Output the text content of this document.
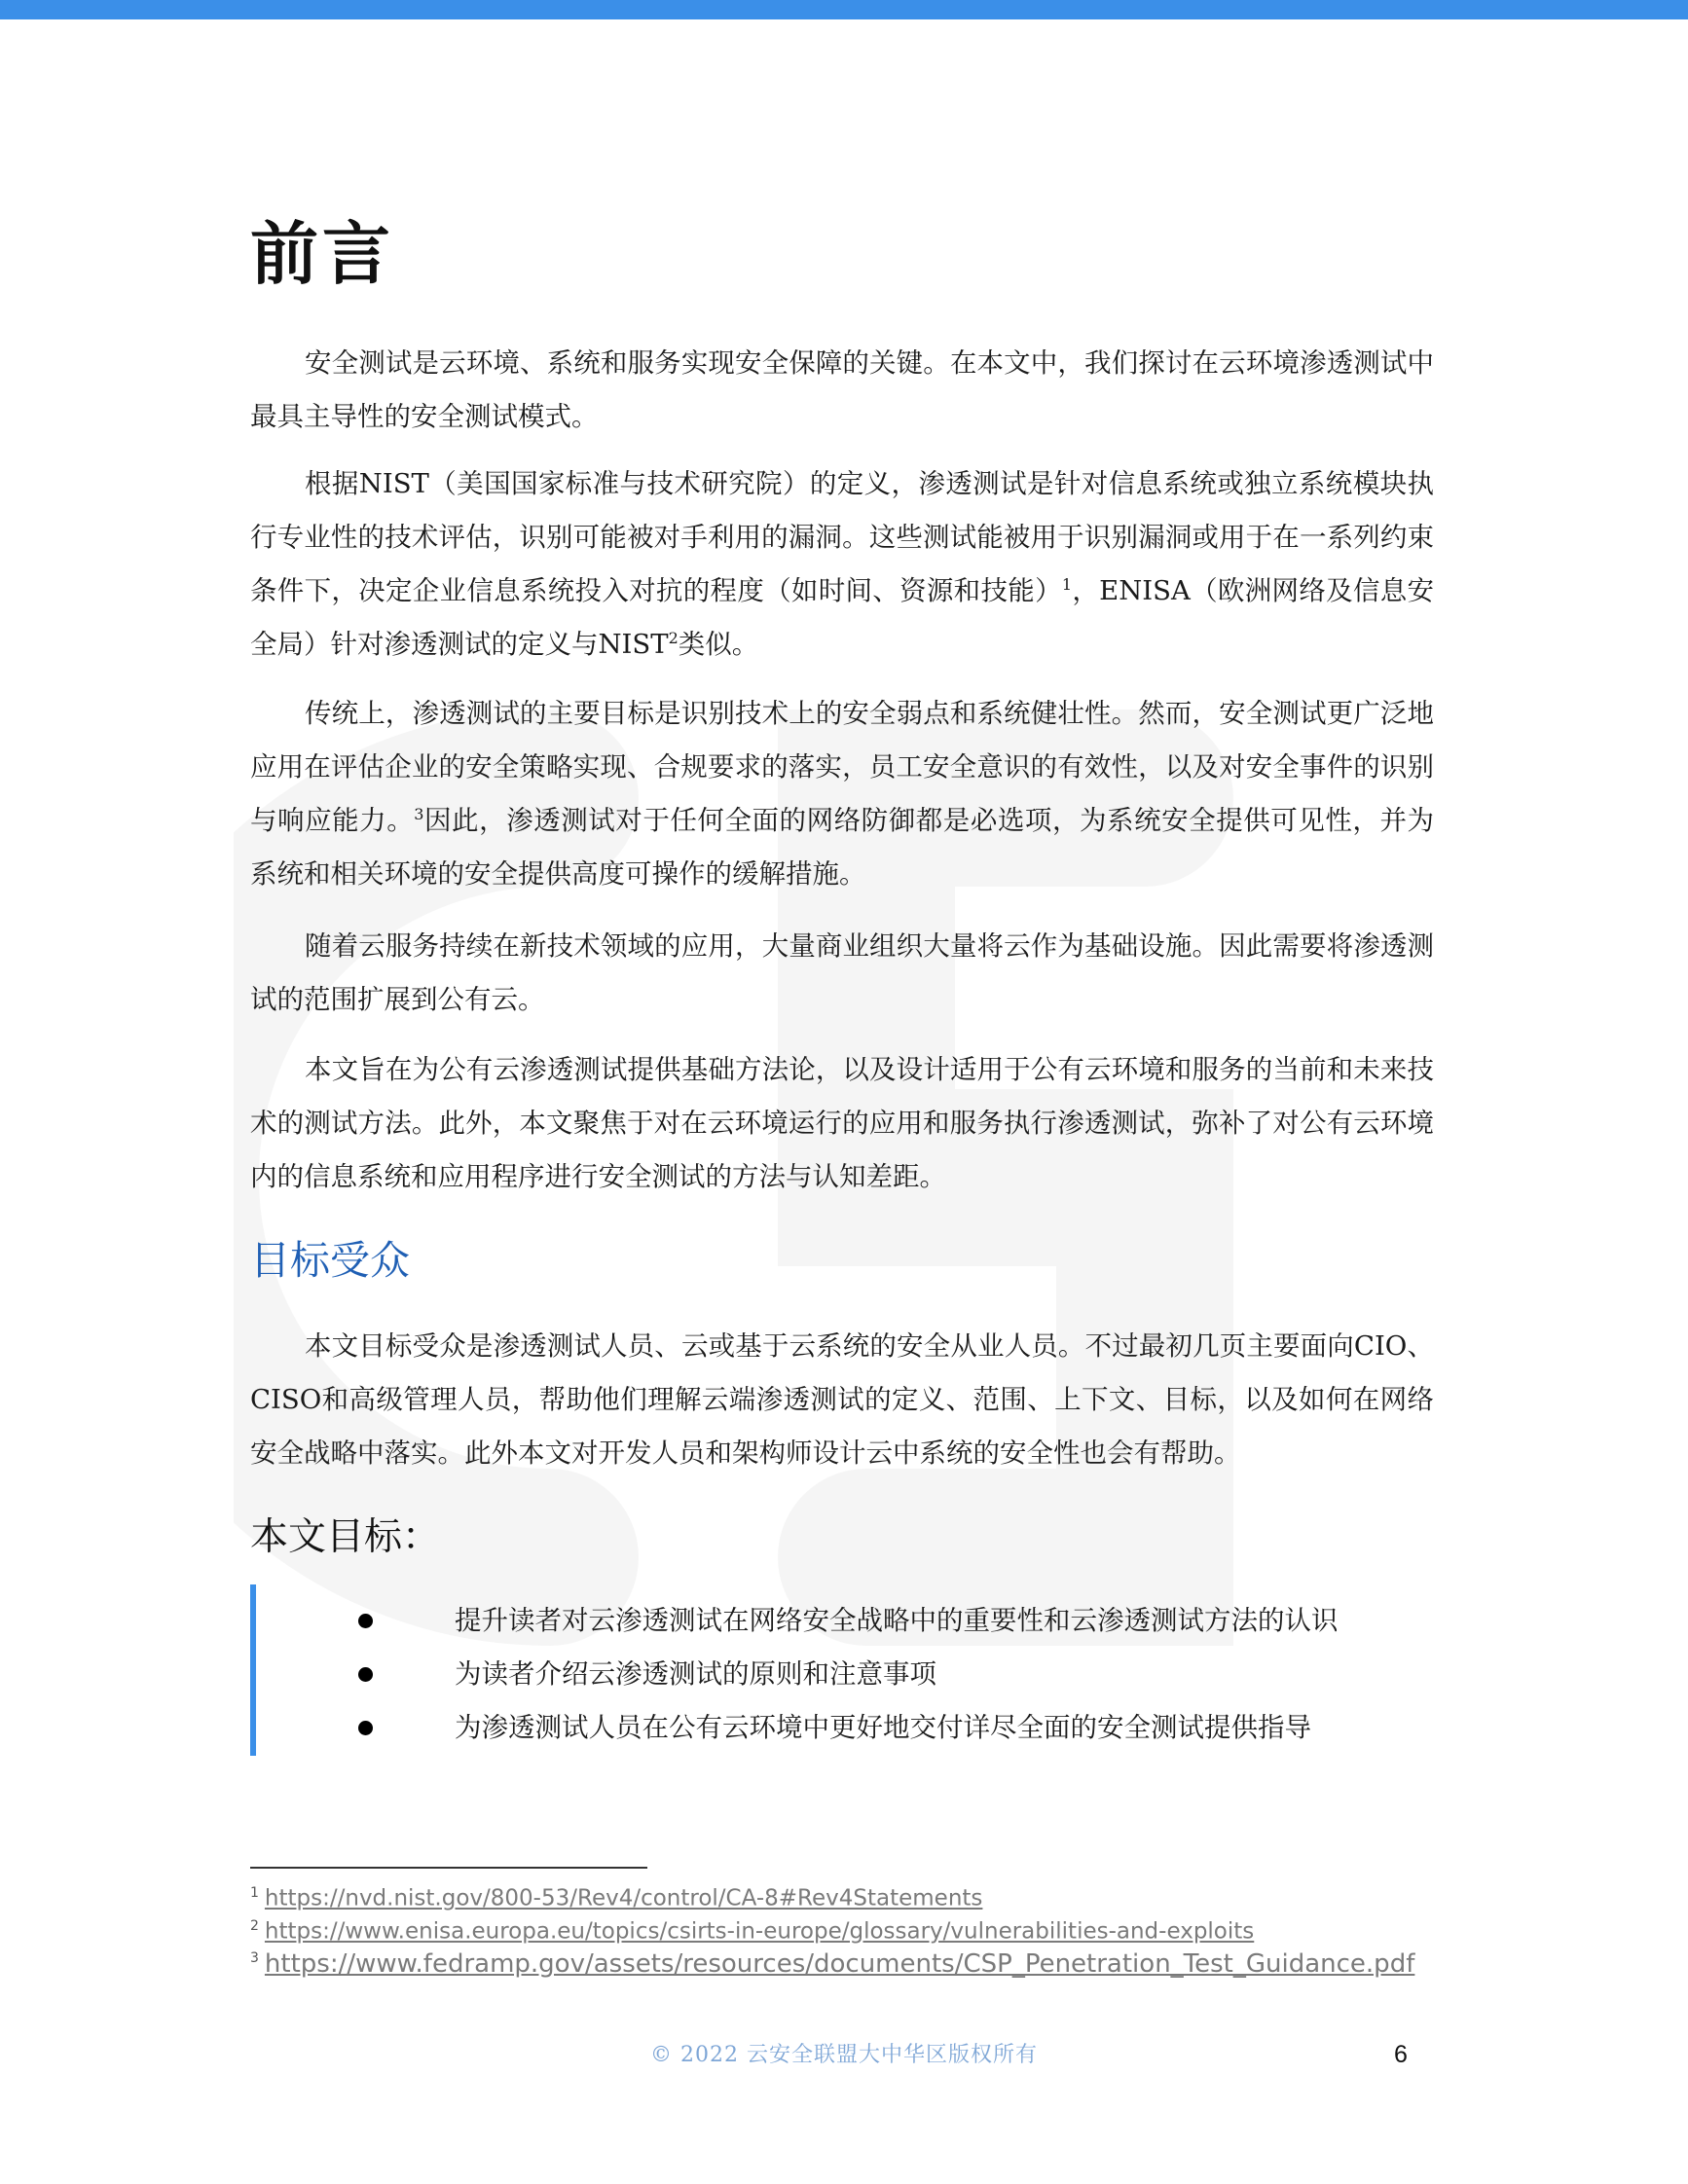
前言

安全测试是云环境、系统和服务实现安全保障的关键。在本文中，我们探讨在云环境渗透测试中最具主导性的安全测试模式。

根据NIST（美国国家标准与技术研究院）的定义，渗透测试是针对信息系统或独立系统模块执行专业性的技术评估，识别可能被对手利用的漏洞。这些测试能被用于识别漏洞或用于在一系列约束条件下，决定企业信息系统投入对抗的程度（如时间、资源和技能）$^1$，ENISA（欧洲网络及信息安全局）针对渗透测试的定义与NIST$^2$类似。

传统上，渗透测试的主要目标是识别技术上的安全弱点和系统健壮性。然而，安全测试更广泛地应用在评估企业的安全策略实现、合规要求的落实，员工安全意识的有效性，以及对安全事件的识别与响应能力。$^3$因此，渗透测试对于任何全面的网络防御都是必选项，为系统安全提供可见性，并为系统和相关环境的安全提供高度可操作的缓解措施。

随着云服务持续在新技术领域的应用，大量商业组织大量将云作为基础设施。因此需要将渗透测试的范围扩展到公有云。

本文旨在为公有云渗透测试提供基础方法论，以及设计适用于公有云环境和服务的当前和未来技术的测试方法。此外，本文聚焦于对在云环境运行的应用和服务执行渗透测试，弥补了对公有云环境内的信息系统和应用程序进行安全测试的方法与认知差距。

目标受众

本文目标受众是渗透测试人员、云或基于云系统的安全从业人员。不过最初几页主要面向CIO、CISO和高级管理人员，帮助他们理解云端渗透测试的定义、范围、上下文、目标，以及如何在网络安全战略中落实。此外本文对开发人员和架构师设计云中系统的安全性也会有帮助。

本文目标：
提升读者对云渗透测试在网络安全战略中的重要性和云渗透测试方法的认识
为读者介绍云渗透测试的原则和注意事项
为渗透测试人员在公有云环境中更好地交付详尽全面的安全测试提供指导
$^1$ https://nvd.nist.gov/800-53/Rev4/control/CA-8#Rev4Statements
$^2$ https://www.enisa.europa.eu/topics/csirts-in-europe/glossary/vulnerabilities-and-exploits
$^3$ https://www.fedramp.gov/assets/resources/documents/CSP_Penetration_Test_Guidance.pdf
© 2022 云安全联盟大中华区版权所有	6
